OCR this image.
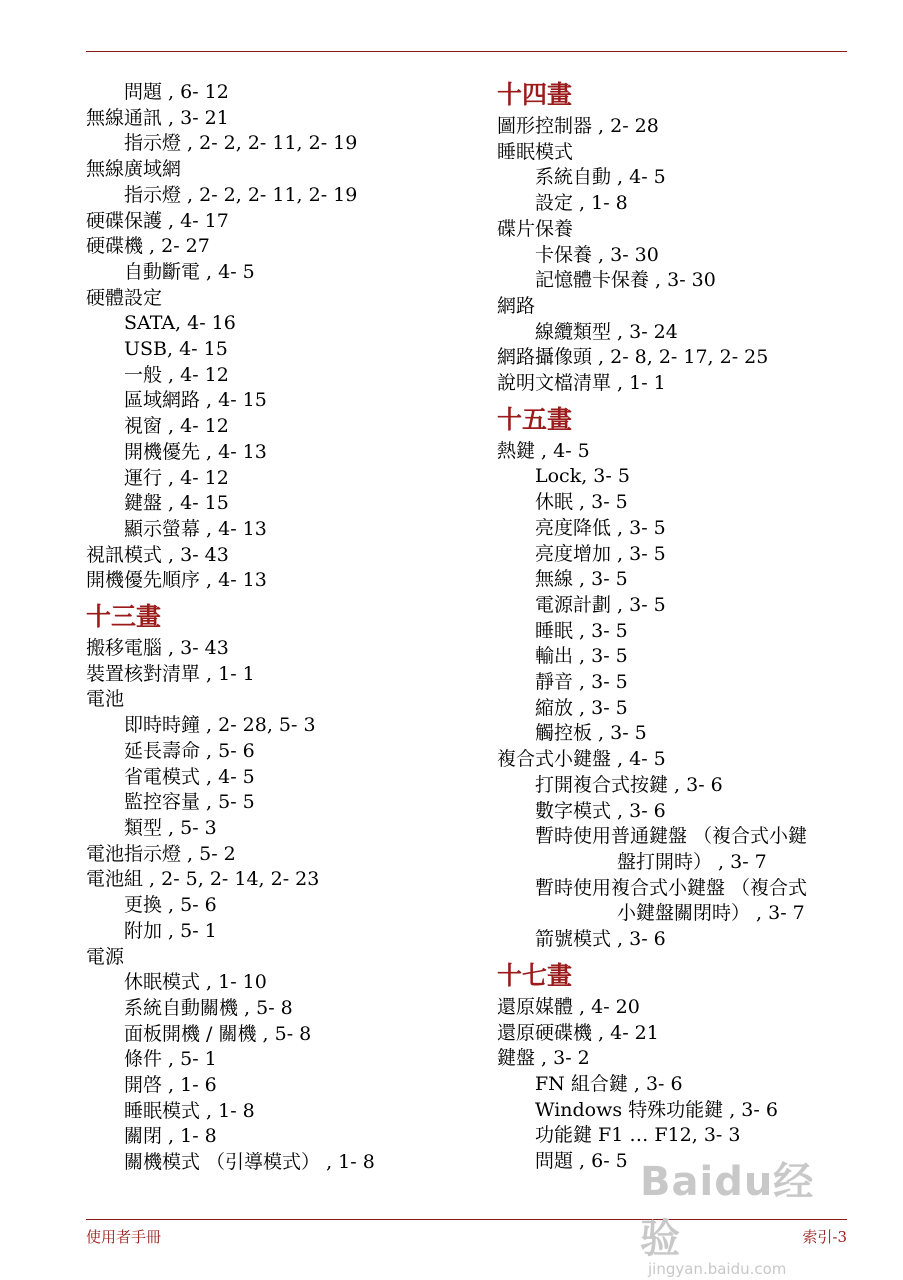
問題 , 6- 12
無線通訊 , 3- 21
指示燈 , 2- 2, 2- 11, 2- 19
無線廣域網
指示燈 , 2- 2, 2- 11, 2- 19
硬碟保護 , 4- 17
硬碟機 , 2- 27
自動斷電 , 4- 5
硬體設定
SATA, 4- 16
USB, 4- 15
一般 , 4- 12
區域網路 , 4- 15
視窗 , 4- 12
開機優先 , 4- 13
運行 , 4- 12
鍵盤 , 4- 15
顯示螢幕 , 4- 13
視訊模式 , 3- 43
開機優先順序 , 4- 13
十三畫
搬移電腦 , 3- 43
裝置核對清單 , 1- 1
電池
即時時鐘 , 2- 28, 5- 3
延長壽命 , 5- 6
省電模式 , 4- 5
監控容量 , 5- 5
類型 , 5- 3
電池指示燈 , 5- 2
電池組 , 2- 5, 2- 14, 2- 23
更換 , 5- 6
附加 , 5- 1
電源
休眠模式 , 1- 10
系統自動關機 , 5- 8
面板開機 / 關機 , 5- 8
條件 , 5- 1
開啓 , 1- 6
睡眠模式 , 1- 8
關閉 , 1- 8
關機模式 （引導模式） , 1- 8
十四畫
圖形控制器 , 2- 28
睡眠模式
系統自動 , 4- 5
設定 , 1- 8
碟片保養
卡保養 , 3- 30
記憶體卡保養 , 3- 30
網路
線纜類型 , 3- 24
網路攝像頭 , 2- 8, 2- 17, 2- 25
說明文檔清單 , 1- 1
十五畫
熱鍵 , 4- 5
Lock, 3- 5
休眠 , 3- 5
亮度降低 , 3- 5
亮度增加 , 3- 5
無線 , 3- 5
電源計劃 , 3- 5
睡眠 , 3- 5
輸出 , 3- 5
靜音 , 3- 5
縮放 , 3- 5
觸控板 , 3- 5
複合式小鍵盤 , 4- 5
打開複合式按鍵 , 3- 6
數字模式 , 3- 6
暫時使用普通鍵盤 （複合式小鍵
盤打開時） , 3- 7
暫時使用複合式小鍵盤 （複合式
小鍵盤關閉時） , 3- 7
箭號模式 , 3- 6
十七畫
還原媒體 , 4- 20
還原硬碟機 , 4- 21
鍵盤 , 3- 2
FN 組合鍵 , 3- 6
Windows 特殊功能鍵 , 3- 6
功能鍵 F1 … F12, 3- 3
問題 , 6- 5
使用者手冊	索引-3
Baidu经验
jingyan.baidu.com
